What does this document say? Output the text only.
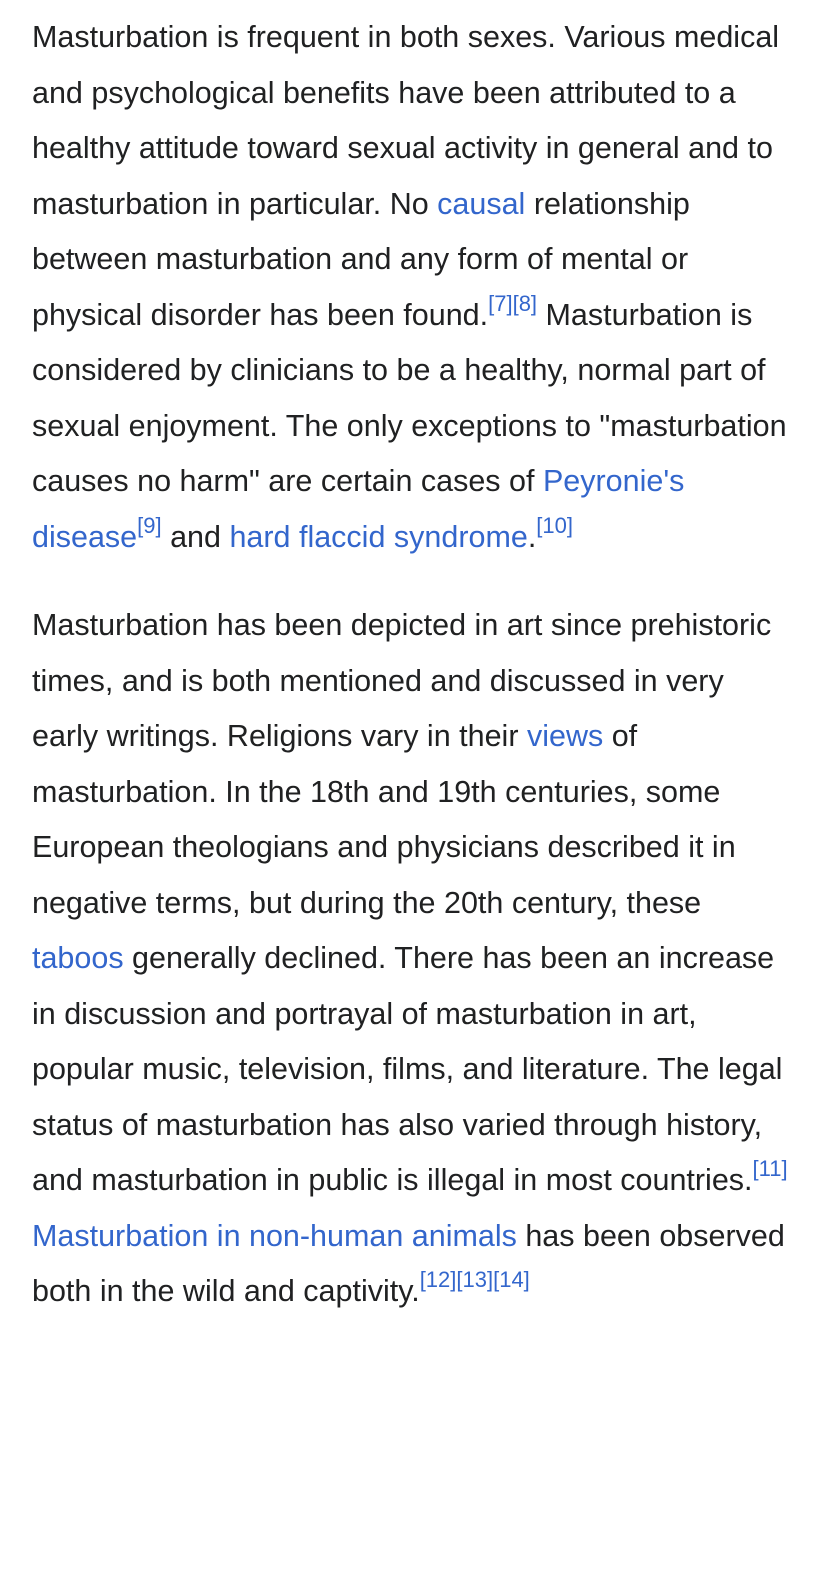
Masturbation is frequent in both sexes. Various medical and psychological benefits have been attributed to a healthy attitude toward sexual activity in general and to masturbation in particular. No causal relationship between masturbation and any form of mental or physical disorder has been found.[7][8] Masturbation is considered by clinicians to be a healthy, normal part of sexual enjoyment. The only exceptions to "masturbation causes no harm" are certain cases of Peyronie's disease[9] and hard flaccid syndrome.[10]

Masturbation has been depicted in art since prehistoric times, and is both mentioned and discussed in very early writings. Religions vary in their views of masturbation. In the 18th and 19th centuries, some European theologians and physicians described it in negative terms, but during the 20th century, these taboos generally declined. There has been an increase in discussion and portrayal of masturbation in art, popular music, television, films, and literature. The legal status of masturbation has also varied through history, and masturbation in public is illegal in most countries.[11] Masturbation in non-human animals has been observed both in the wild and captivity.[12][13][14]
